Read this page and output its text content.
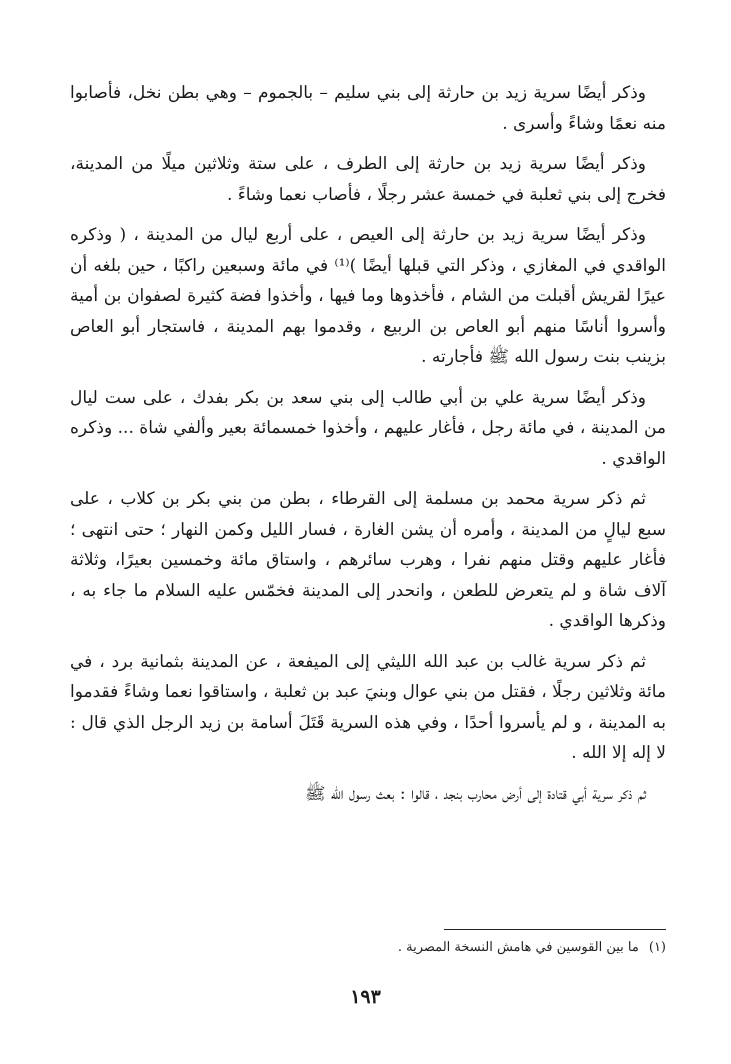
وذكر أيضًا سرية زيد بن حارثة إلى بني سليم – بالجموم – وهي بطن نخل، فأصابوا منه نعمًا وشاءً وأسرى .

وذكر أيضًا سرية زيد بن حارثة إلى الطرف ، على ستة وثلاثين ميلًا من المدينة، فخرج إلى بني ثعلبة في خمسة عشر رجلًا ، فأصاب نعما وشاءً .

وذكر أيضًا سرية زيد بن حارثة إلى العيص ، على أربع ليال من المدينة ، ( وذكره الواقدي في المغازي ، وذكر التي قبلها أيضًا )⁽¹⁾ في مائة وسبعين راكبًا ، حين بلغه أن عيرًا لقريش أقبلت من الشام ، فأخذوها وما فيها ، وأخذوا فضة كثيرة لصفوان بن أمية وأسروا أناسًا منهم أبو العاص بن الربيع ، وقدموا بهم المدينة ، فاستجار أبو العاص بزينب بنت رسول الله ﷺ فأجارته .

وذكر أيضًا سرية علي بن أبي طالب إلى بني سعد بن بكر بفدك ، على ست ليال من المدينة ، في مائة رجل ، فأغار عليهم ، وأخذوا خمسمائة بعير وألفي شاة ... وذكره الواقدي .

ثم ذكر سرية محمد بن مسلمة إلى القرطاء ، بطن من بني بكر بن كلاب ، على سبع ليالٍ من المدينة ، وأمره أن يشن الغارة ، فسار الليل وكمن النهار ؛ حتى انتهى ؛ فأغار عليهم وقتل منهم نفرا ، وهرب سائرهم ، واستاق مائة وخمسين بعيرًا، وثلاثة آلاف شاة و لم يتعرض للطعن ، وانحدر إلى المدينة فخمّس عليه السلام ما جاء به ، وذكرها الواقدي .

ثم ذكر سرية غالب بن عبد الله الليثي إلى الميفعة ، عن المدينة بثمانية برد ، في مائة وثلاثين رجلًا ، فقتل من بني عوال وبنيَ عبد بن ثعلبة ، واستاقوا نعما وشاءً فقدموا به المدينة ، و لم يأسروا أحدًا ، وفي هذه السرية قَتَلَ أسامة بن زيد الرجل الذي قال : لا إله إلا الله .

ثم ذكر سرية أبي قتادة إلى أرض محارب بنجد ، قالوا : بعث رسول الله ﷺ

(١)ما بين القوسين في هامش النسخة المصرية .
١٩٣
